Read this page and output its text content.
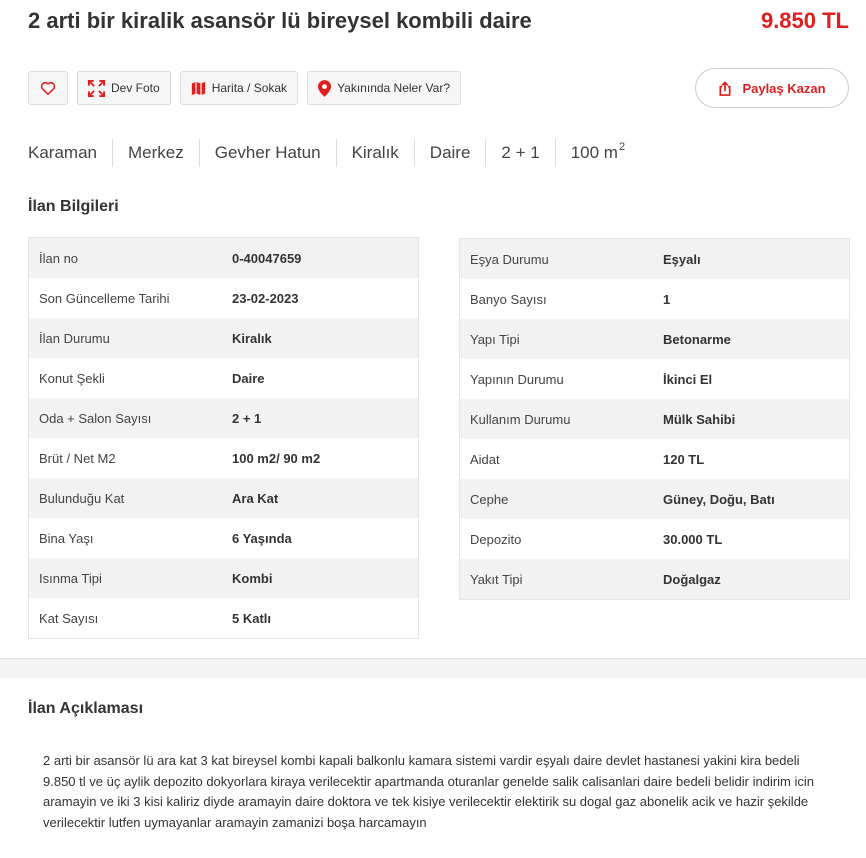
2 arti bir kiralik asansör lü bireysel kombili daire	9.850 TL
Dev Foto	Harita / Sokak	Yakınında Neler Var?	Paylaş Kazan
Karaman	Merkez	Gevher Hatun	Kiralık	Daire	2 + 1	100 $m^2$
İlan Bilgileri
İlan no	0-40047659
Son Güncelleme Tarihi	23-02-2023
İlan Durumu	Kiralık
Konut Şekli	Daire
Oda + Salon Sayısı	2 + 1
Brüt / Net M2	100 m2/ 90 m2
Bulunduğu Kat	Ara Kat
Bina Yaşı	6 Yaşında
Isınma Tipi	Kombi
Kat Sayısı	5 Katlı
Eşya Durumu	Eşyalı
Banyo Sayısı	1
Yapı Tipi	Betonarme
Yapının Durumu	İkinci El
Kullanım Durumu	Mülk Sahibi
Aidat	120 TL
Cephe	Güney, Doğu, Batı
Depozito	30.000 TL
Yakıt Tipi	Doğalgaz
İlan Açıklaması
2 arti bir asansör lü ara kat 3 kat bireysel kombi kapali balkonlu kamara sistemi vardir eşyalı daire devlet hastanesi yakini kira bedeli 9.850 tl ve üç aylik depozito dokyorlara kiraya verilecektir apartmanda oturanlar genelde salik calisanlari daire bedeli belidir indirim icin aramayin ve iki 3 kisi kaliriz diyde aramayin daire doktora ve tek kisiye verilecektir elektirik su dogal gaz abonelik acik ve hazir şekilde verilecektir lutfen uymayanlar aramayin zamanizi boşa harcamayın
